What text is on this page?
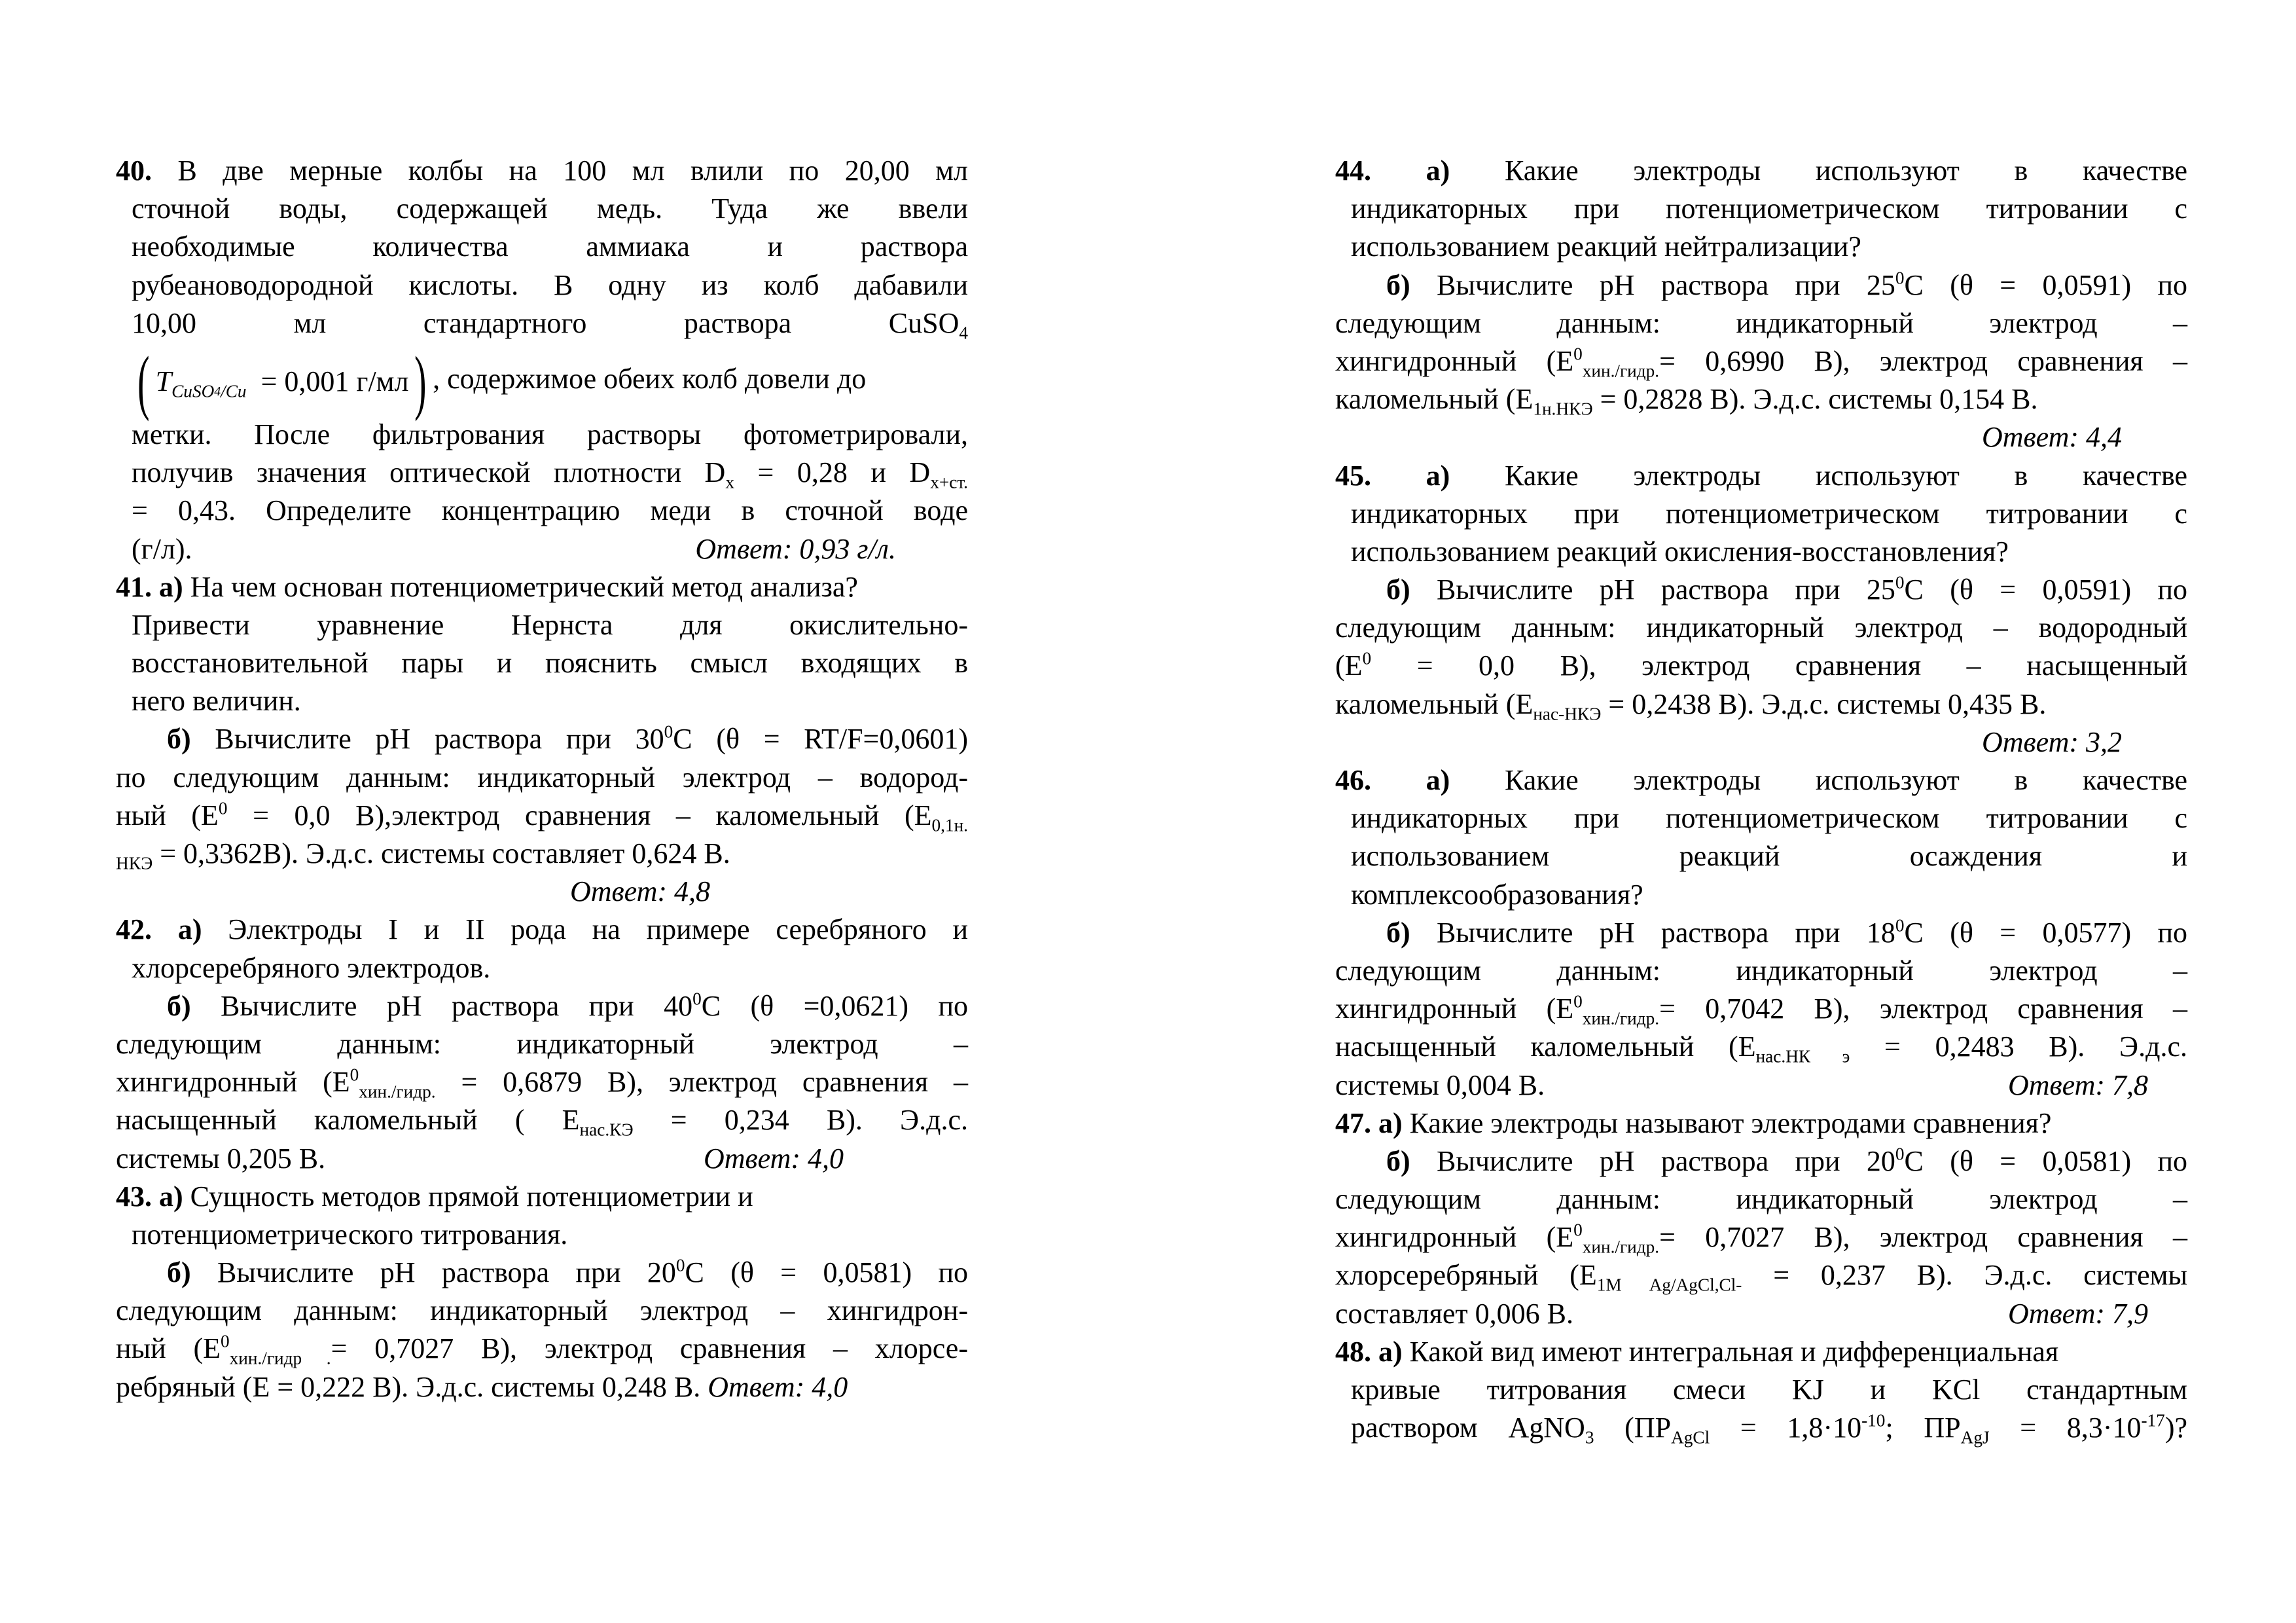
40. В две мерные колбы на 100 мл влили по 20,00 мл
сточной воды, содержащей медь. Туда же ввели
необходимые количества аммиака и раствора
рубеановодородной кислоты. В одну из колб дабавили
10,00 мл стандартного раствора CuSO$_4$
( $T_{CuSO4/Cu} = 0,001$ г/мл) , содержимое обеих колб довели до
метки. После фильтрования растворы фотометрировали,
получив значения оптической плотности $D_x = 0,28$ и $D_{x+ст.}$
= 0,43. Определите концентрацию меди в сточной воде
(г/л).	Ответ: 0,93 г/л.
41. а) На чем основан потенциометрический метод анализа?
Привести уравнение Нернста для окислительно-
восстановительной пары и пояснить смысл входящих в
него величин.
б) Вычислите pH раствора при $30^0C$ (θ = RT/F=0,0601)
по следующим данным: индикаторный электрод – водород-
ный ($E^0 = 0,0$ В),электрод сравнения – каломельный ($E_{0,1н.}$
$_{НКЭ}$ = 0,3362В). Э.д.с. системы составляет 0,624 В.
Ответ: 4,8
42. а) Электроды I и II рода на примере серебряного и
хлорсеребряного электродов.
б) Вычислите pH раствора при $40^0C$ (θ =0,0621) по
следующим данным: индикаторный электрод –
хингидронный ($E^0_{хин./гидр.} = 0,6879$ В), электрод сравнения –
насыщенный каломельный ( $E_{нас.КЭ} = 0,234$ В). Э.д.с.
системы 0,205 В.	Ответ: 4,0
43. а) Сущность методов прямой потенциометрии и
потенциометрического титрования.
б) Вычислите pH раствора при $20^0C$ (θ = 0,0581) по
следующим данным: индикаторный электрод – хингидрон-
ный ($E^0_{хин./гидр .}= 0,7027$ В), электрод сравнения – хлорсе-
ребряный (E = 0,222 В). Э.д.с. системы 0,248 В. Ответ: 4,0
44. а) Какие электроды используют в качестве
индикаторных при потенциометрическом титровании с
использованием реакций нейтрализации?
б) Вычислите pH раствора при $25^0C$ (θ = 0,0591) по
следующим данным: индикаторный электрод –
хингидронный ($E^0_{хин./гидр.}= 0,6990$ В), электрод сравнения –
каломельный ($E_{1н.НКЭ} = 0,2828$ В). Э.д.с. системы 0,154 В.
Ответ: 4,4
45. а) Какие электроды используют в качестве
индикаторных при потенциометрическом титровании с
использованием реакций окисления-восстановления?
б) Вычислите pH раствора при $25^0C$ (θ = 0,0591) по
следующим данным: индикаторный электрод – водородный
($E^0 = 0,0$ В), электрод сравнения – насыщенный
каломельный ($E_{нас-НКЭ} = 0,2438$ В). Э.д.с. системы 0,435 В.
Ответ: 3,2
46. а) Какие электроды используют в качестве
индикаторных при потенциометрическом титровании с
использованием реакций осаждения и
комплексообразования?
б) Вычислите pH раствора при $18^0C$ (θ = 0,0577) по
следующим данным: индикаторный электрод –
хингидронный ($E^0_{хин./гидр.}= 0,7042$ В), электрод сравнения –
насыщенный каломельный ($E_{нас.НК э} = 0,2483$ В). Э.д.с.
системы 0,004 В.	Ответ: 7,8
47. а) Какие электроды называют электродами сравнения?
б) Вычислите pH раствора при $20^0C$ (θ = 0,0581) по
следующим данным: индикаторный электрод –
хингидронный ($E^0_{хин./гидр.}= 0,7027$ В), электрод сравнения –
хлорсеребряный ($E_{1M Ag/AgCl,Cl-} = 0,237$ В). Э.д.с. системы
составляет 0,006 В.	Ответ: 7,9
48. а) Какой вид имеют интегральная и дифференциальная
кривые титрования смеси KJ и KCl стандартным
раствором AgNO$_3$ ($ПР_{AgCl} = 1,8\cdot 10^{-10}$; $ПР_{AgJ} = 8,3\cdot 10^{-17}$)?
